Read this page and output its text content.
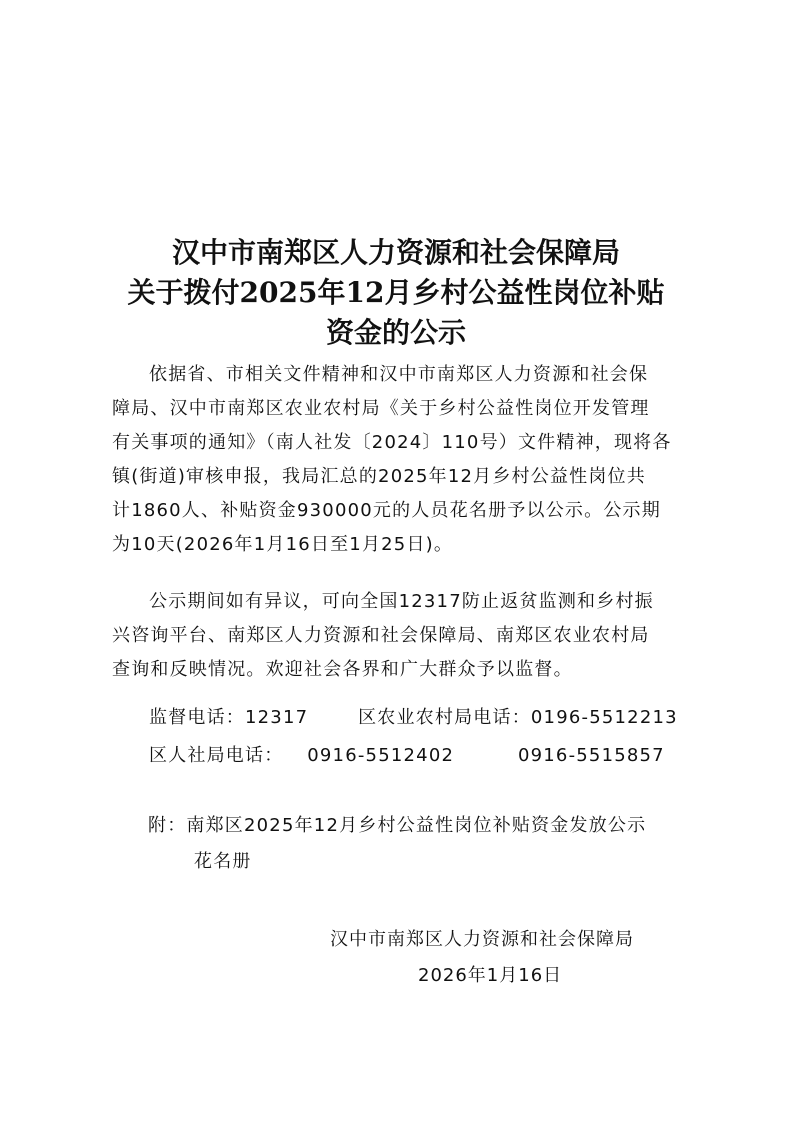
汉中市南郑区人力资源和社会保障局
关于拨付2025年12月乡村公益性岗位补贴
资金的公示
依据省、市相关文件精神和汉中市南郑区人力资源和社会保
障局、汉中市南郑区农业农村局《关于乡村公益性岗位开发管理
有关事项的通知》（南人社发〔2024〕110号）文件精神，现将各
镇(街道)审核申报，我局汇总的2025年12月乡村公益性岗位共
计1860人、补贴资金930000元的人员花名册予以公示。公示期
为10天(2026年1月16日至1月25日)。
公示期间如有异议，可向全国12317防止返贫监测和乡村振
兴咨询平台、南郑区人力资源和社会保障局、南郑区农业农村局
查询和反映情况。欢迎社会各界和广大群众予以监督。
监督电话：12317	区农业农村局电话：0196-5512213
区人社局电话： 0916-5512402	0916-5515857
附：南郑区2025年12月乡村公益性岗位补贴资金发放公示
花名册
汉中市南郑区人力资源和社会保障局
2026年1月16日
